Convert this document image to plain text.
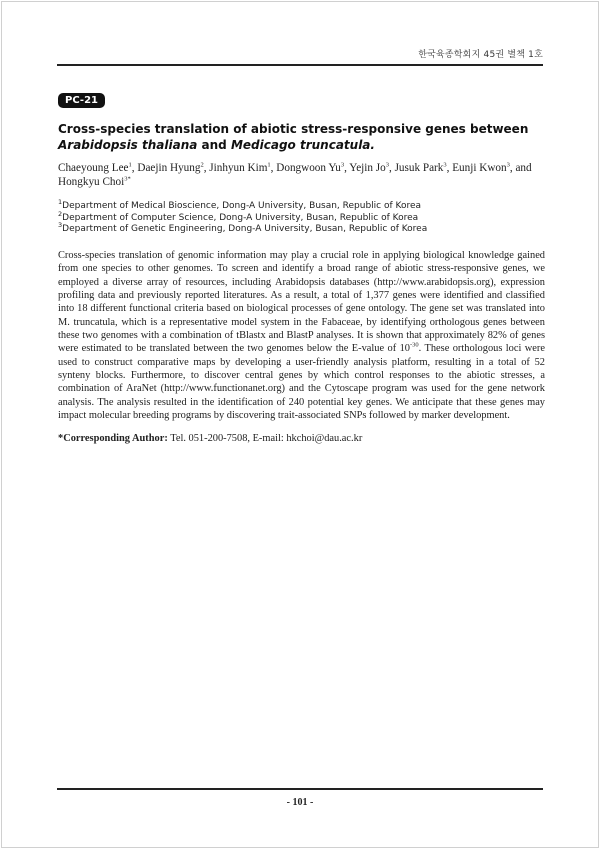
한국육종학회지 45권 별책 1호
PC-21
Cross-species translation of abiotic stress-responsive genes between
Arabidopsis thaliana and Medicago truncatula.
Chaeyoung Lee$^1$, Daejin Hyung$^2$, Jinhyun Kim$^1$, Dongwoon Yu$^3$, Yejin Jo$^3$, Jusuk Park$^3$, Eunji Kwon$^3$, and Hongkyu Choi$^{3*}$
$^1$Department of Medical Bioscience, Dong-A University, Busan, Republic of Korea
$^2$Department of Computer Science, Dong-A University, Busan, Republic of Korea
$^3$Department of Genetic Engineering, Dong-A University, Busan, Republic of Korea

Cross-species translation of genomic information may play a crucial role in applying biological knowledge gained from one species to other genomes. To screen and identify a broad range of abiotic stress-responsive genes, we employed a diverse array of resources, including Arabidopsis databases (http://www.arabidopsis.org), expression profiling data and previously reported literatures. As a result, a total of 1,377 genes were identified and classified into 18 different functional criteria based on biological processes of gene ontology. The gene set was translated into M. truncatula, which is a representative model system in the Fabaceae, by identifying orthologous genes between these two genomes with a combination of tBlastx and BlastP analyses. It is shown that approximately 82% of genes were estimated to be translated between the two genomes below the E-value of $10^{-30}$. These orthologous loci were used to construct comparative maps by developing a user-friendly analysis platform, resulting in a total of 52 synteny blocks. Furthermore, to discover central genes by which control responses to the abiotic stresses, a combination of AraNet (http://www.functionanet.org) and the Cytoscape program was used for the gene network analysis. The analysis resulted in the identification of 240 potential key genes. We anticipate that these genes may impact molecular breeding programs by discovering trait-associated SNPs followed by marker development.

*Corresponding Author: Tel. 051-200-7508, E-mail: hkchoi@dau.ac.kr
- 101 -
